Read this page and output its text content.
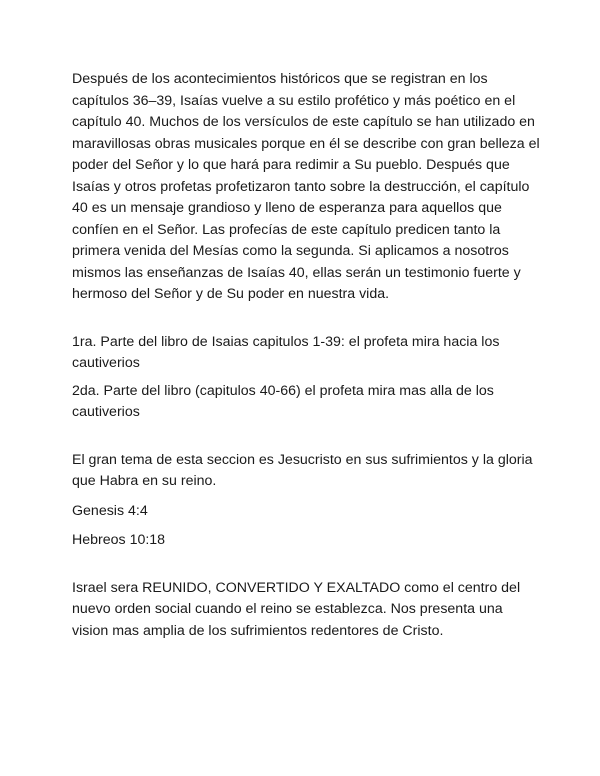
Después de los acontecimientos históricos que se registran en los capítulos 36–39, Isaías vuelve a su estilo profético y más poético en el capítulo 40. Muchos de los versículos de este capítulo se han utilizado en maravillosas obras musicales porque en él se describe con gran belleza el poder del Señor y lo que hará para redimir a Su pueblo. Después que Isaías y otros profetas profetizaron tanto sobre la destrucción, el capítulo 40 es un mensaje grandioso y lleno de esperanza para aquellos que confíen en el Señor. Las profecías de este capítulo predicen tanto la primera venida del Mesías como la segunda. Si aplicamos a nosotros mismos las enseñanzas de Isaías 40, ellas serán un testimonio fuerte y hermoso del Señor y de Su poder en nuestra vida.

1ra. Parte del libro de Isaias capitulos 1-39: el profeta mira hacia los cautiverios

2da. Parte del libro (capitulos 40-66) el profeta mira mas alla de los cautiverios

El gran tema de esta seccion es Jesucristo en sus sufrimientos y la gloria que Habra en su reino.

Genesis 4:4

Hebreos 10:18

Israel sera REUNIDO, CONVERTIDO Y EXALTADO como el centro del nuevo orden social cuando el reino se establezca. Nos presenta una vision mas amplia de los sufrimientos redentores de Cristo.
